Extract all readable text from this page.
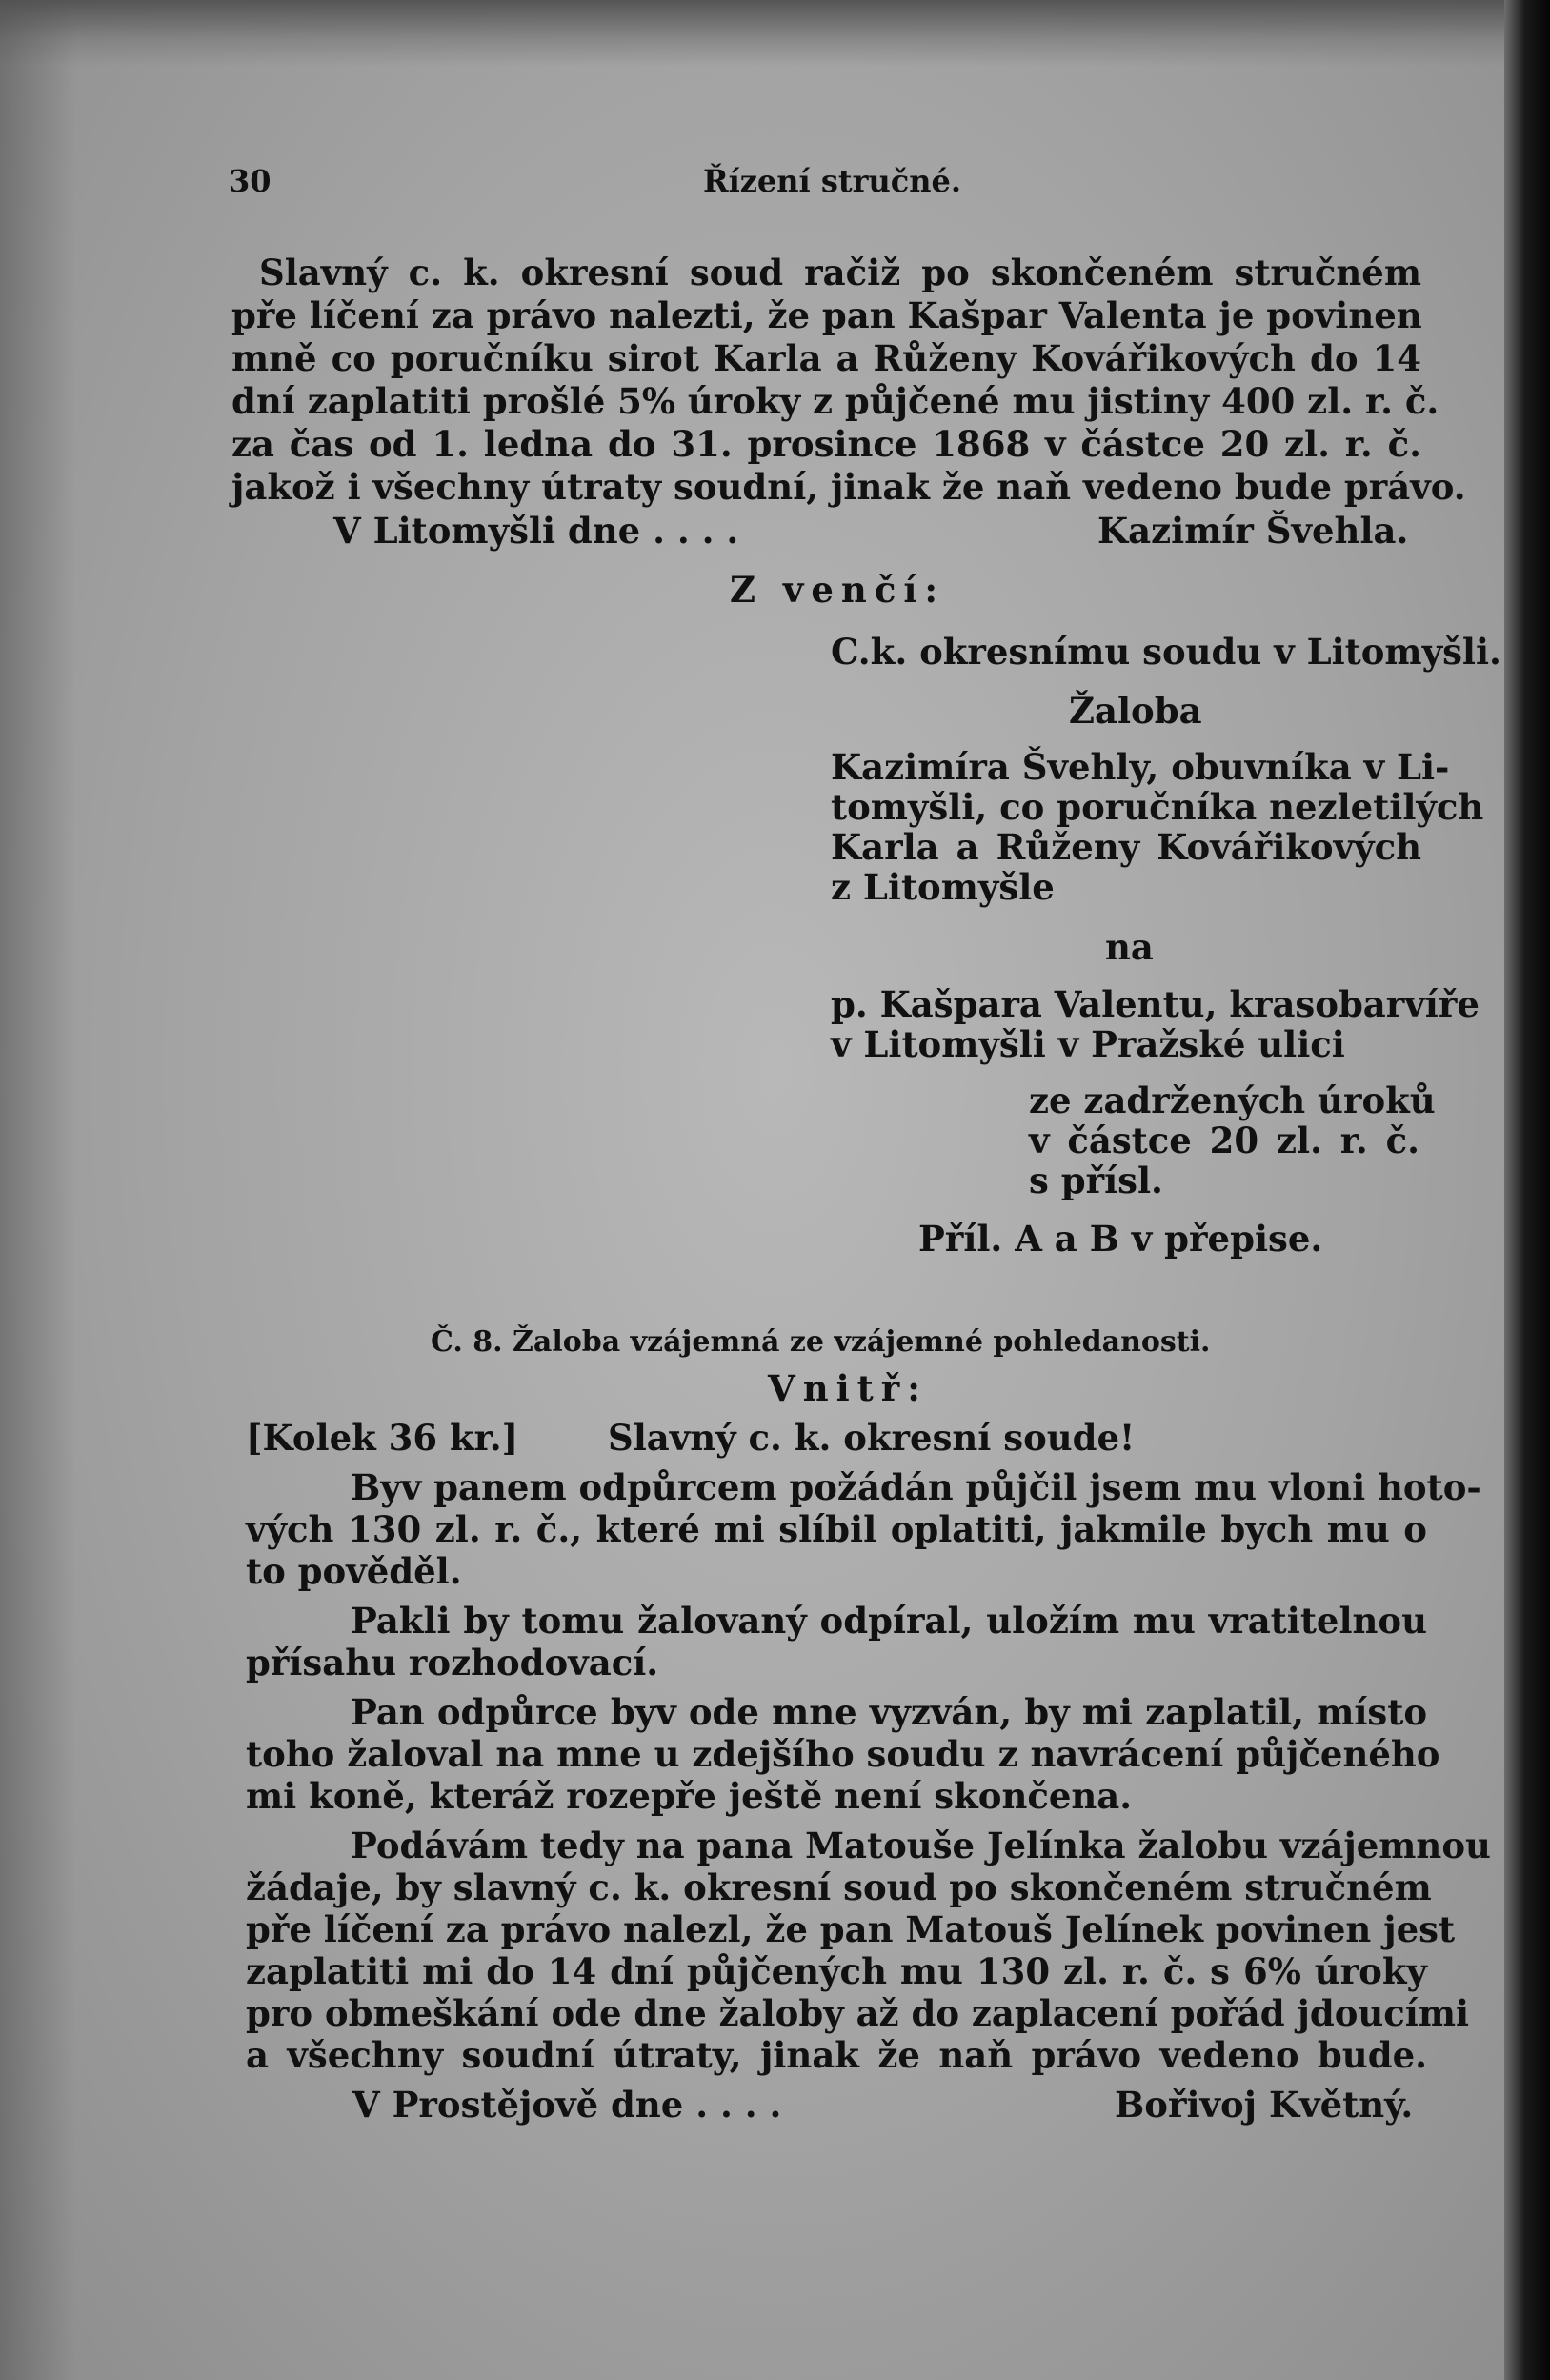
30	Řízení stručné.
Slavný c. k. okresní soud račiž po skončeném stručném
pře líčení za právo nalezti, že pan Kašpar Valenta je povinen
mně co poručníku sirot Karla a Růženy Kovářikových do 14
dní zaplatiti prošlé 5% úroky z půjčené mu jistiny 400 zl. r. č.
za čas od 1. ledna do 31. prosince 1868 v částce 20 zl. r. č.
jakož i všechny útraty soudní, jinak že naň vedeno bude právo.
V Litomyšli dne . . . .	Kazimír Švehla.
Z venčí:
C.k. okresnímu soudu v Litomyšli.
Žaloba
Kazimíra Švehly, obuvníka v Li-
tomyšli, co poručníka nezletilých
Karla a Růženy Kovářikových
z Litomyšle
na
p. Kašpara Valentu, krasobarvíře
v Litomyšli v Pražské ulici
ze zadržených úroků
v částce 20 zl. r. č.
s přísl.
Příl. A a B v přepise.
Č. 8. Žaloba vzájemná ze vzájemné pohledanosti.
Vnitř:
[Kolek 36 kr.]	Slavný c. k. okresní soude!
Byv panem odpůrcem požádán půjčil jsem mu vloni hoto-
vých 130 zl. r. č., které mi slíbil oplatiti, jakmile bych mu o
to pověděl.
Pakli by tomu žalovaný odpíral, uložím mu vratitelnou
přísahu rozhodovací.
Pan odpůrce byv ode mne vyzván, by mi zaplatil, místo
toho žaloval na mne u zdejšího soudu z navrácení půjčeného
mi koně, kteráž rozepře ještě není skončena.
Podávám tedy na pana Matouše Jelínka žalobu vzájemnou
žádaje, by slavný c. k. okresní soud po skončeném stručném
pře líčení za právo nalezl, že pan Matouš Jelínek povinen jest
zaplatiti mi do 14 dní půjčených mu 130 zl. r. č. s 6% úroky
pro obmeškání ode dne žaloby až do zaplacení pořád jdoucími
a všechny soudní útraty, jinak že naň právo vedeno bude.
V Prostějově dne . . . .	Bořivoj Květný.
